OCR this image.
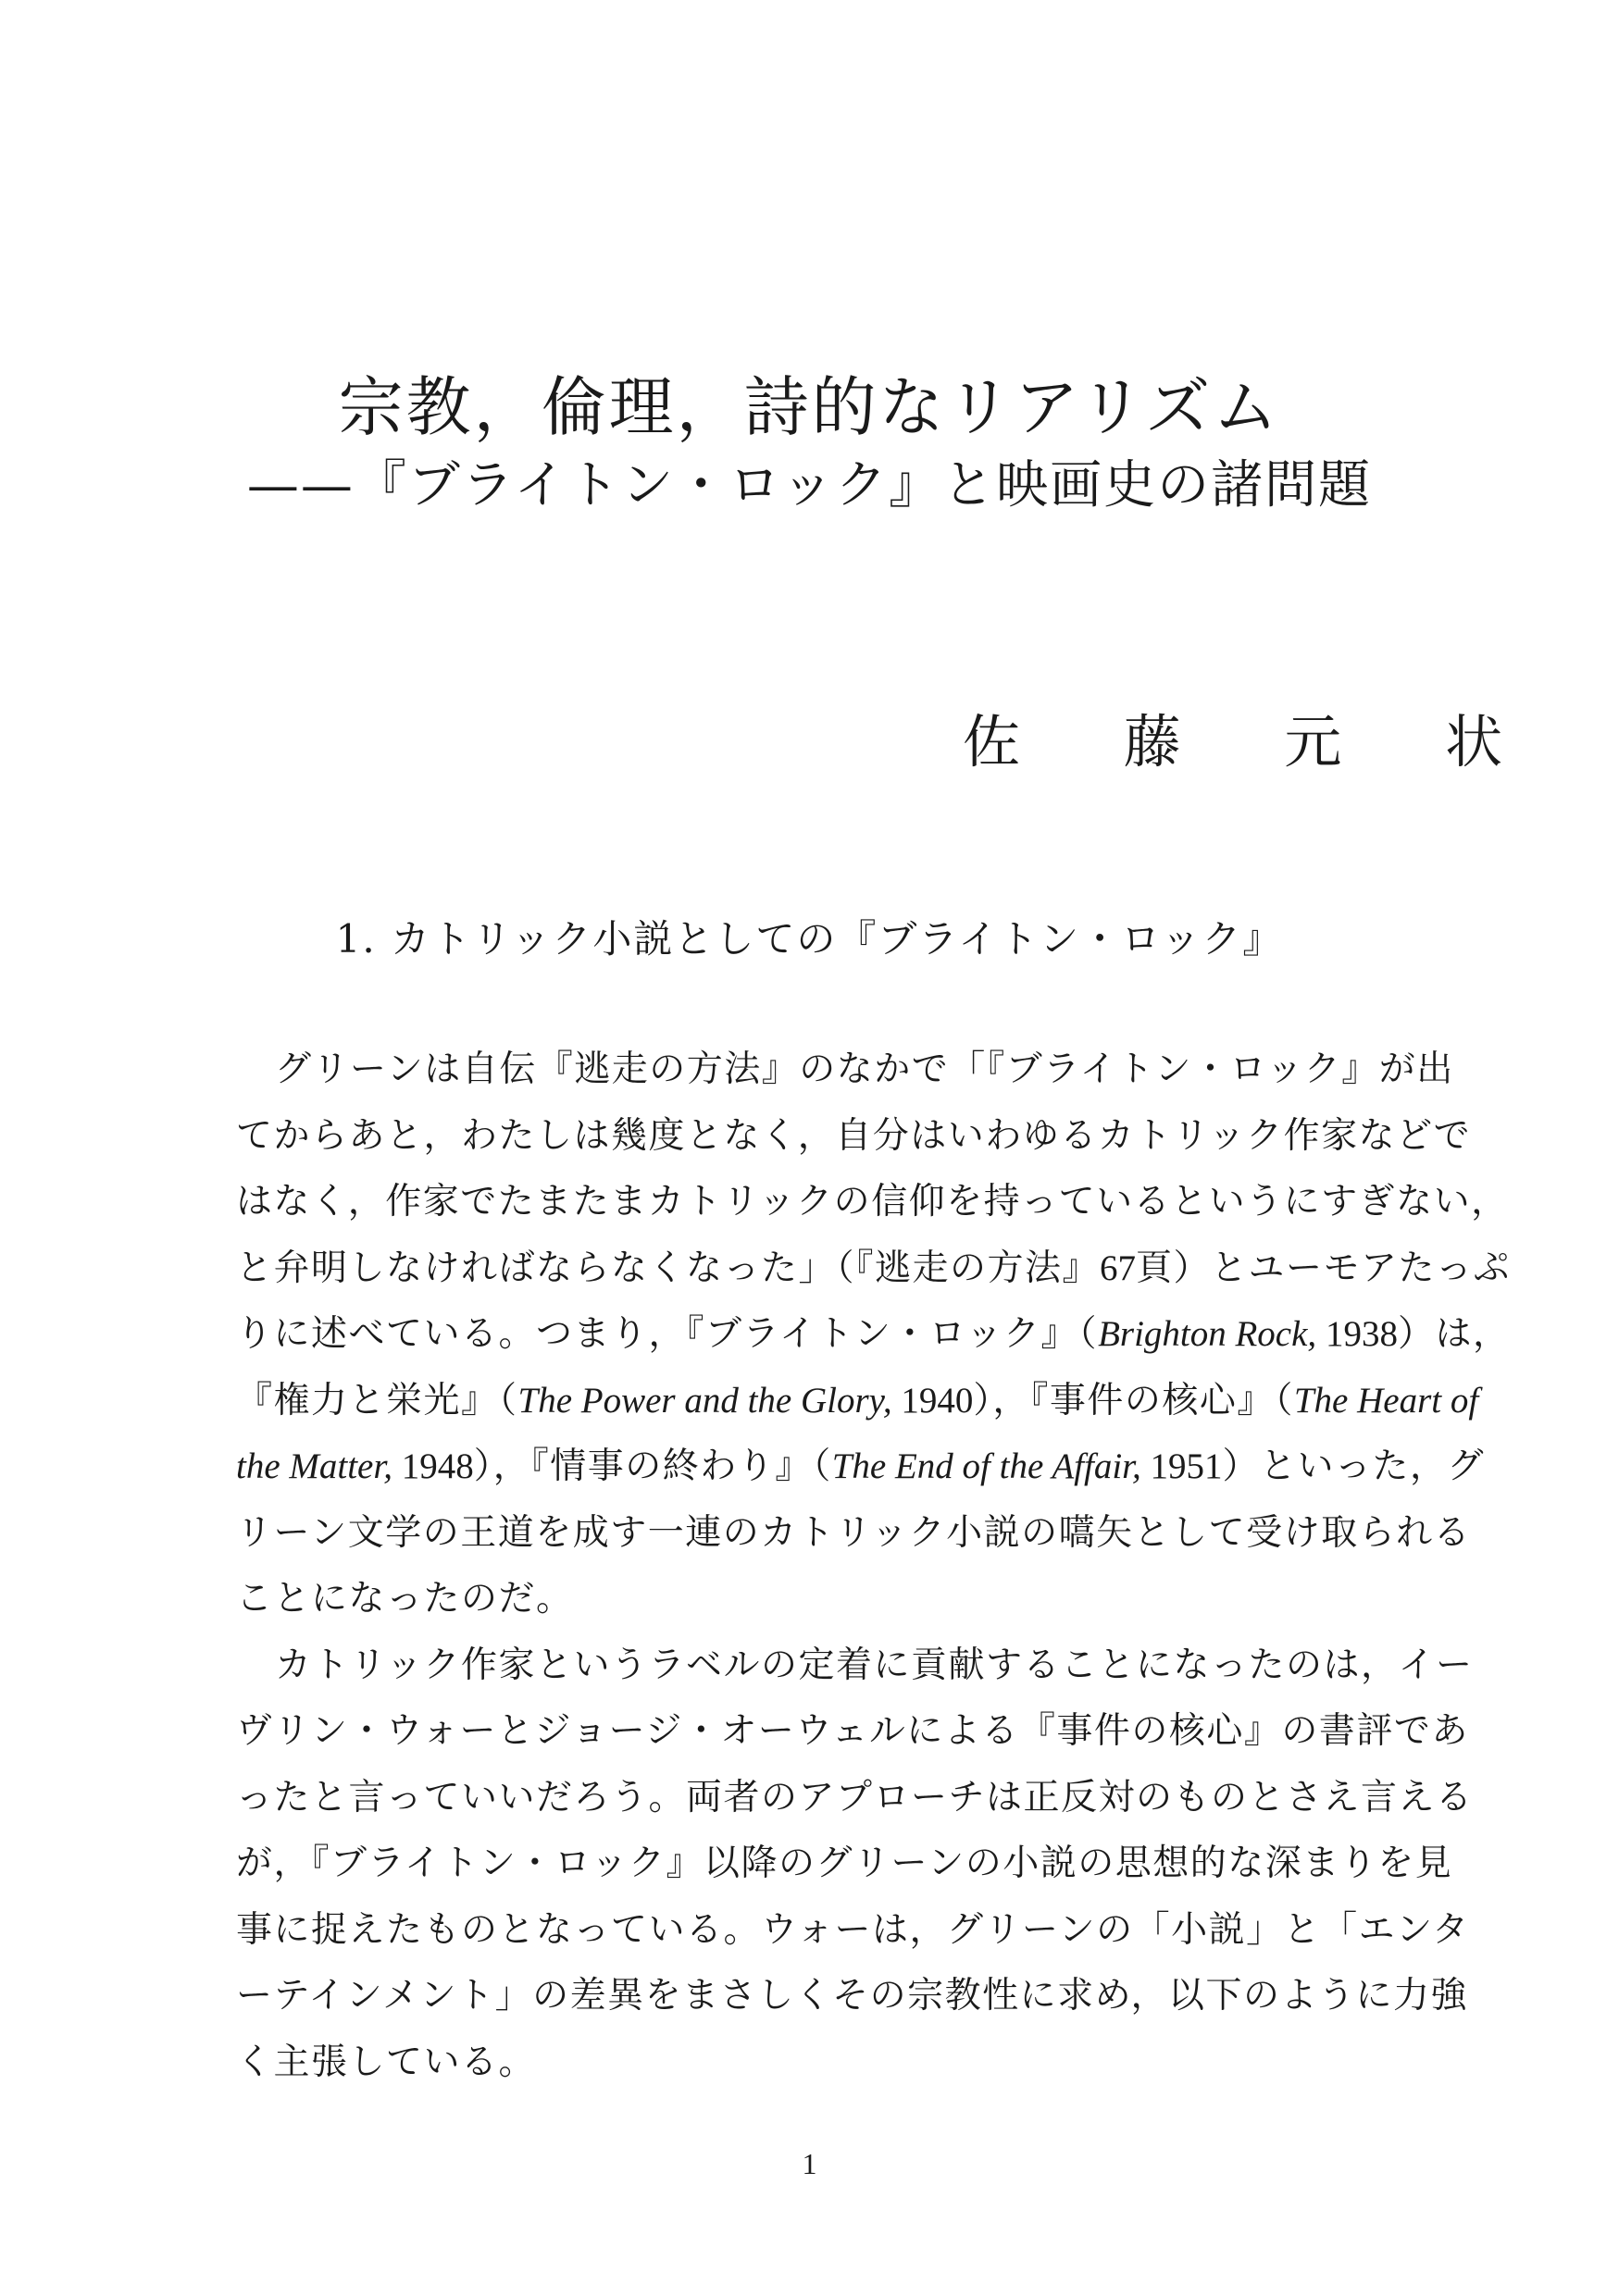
宗教，倫理，詩的なリアリズム
——『ブライトン・ロック』と映画史の諸問題
佐 藤 元 状
1. カトリック小説としての『ブライトン・ロック』
グリーンは自伝『逃走の方法』のなかで「『ブライトン・ロック』が出
てからあと，わたしは幾度となく，自分はいわゆるカトリック作家などで
はなく，作家でたまたまカトリックの信仰を持っているというにすぎない，
と弁明しなければならなくなった」（『逃走の方法』67頁）とユーモアたっぷ
りに述べている。つまり，『ブライトン・ロック』（Brighton Rock, 1938）は，
『権力と栄光』（The Power and the Glory, 1940），『事件の核心』（The Heart of
the Matter, 1948），『情事の終わり』（The End of the Affair, 1951）といった，グ
リーン文学の王道を成す一連のカトリック小説の嚆矢として受け取られる
ことになったのだ。
カトリック作家というラベルの定着に貢献することになったのは，イー
ヴリン・ウォーとジョージ・オーウェルによる『事件の核心』の書評であ
ったと言っていいだろう。両者のアプローチは正反対のものとさえ言える
が，『ブライトン・ロック』以降のグリーンの小説の思想的な深まりを見
事に捉えたものとなっている。ウォーは，グリーンの「小説」と「エンタ
ーテインメント」の差異をまさしくその宗教性に求め，以下のように力強
く主張している。
1
